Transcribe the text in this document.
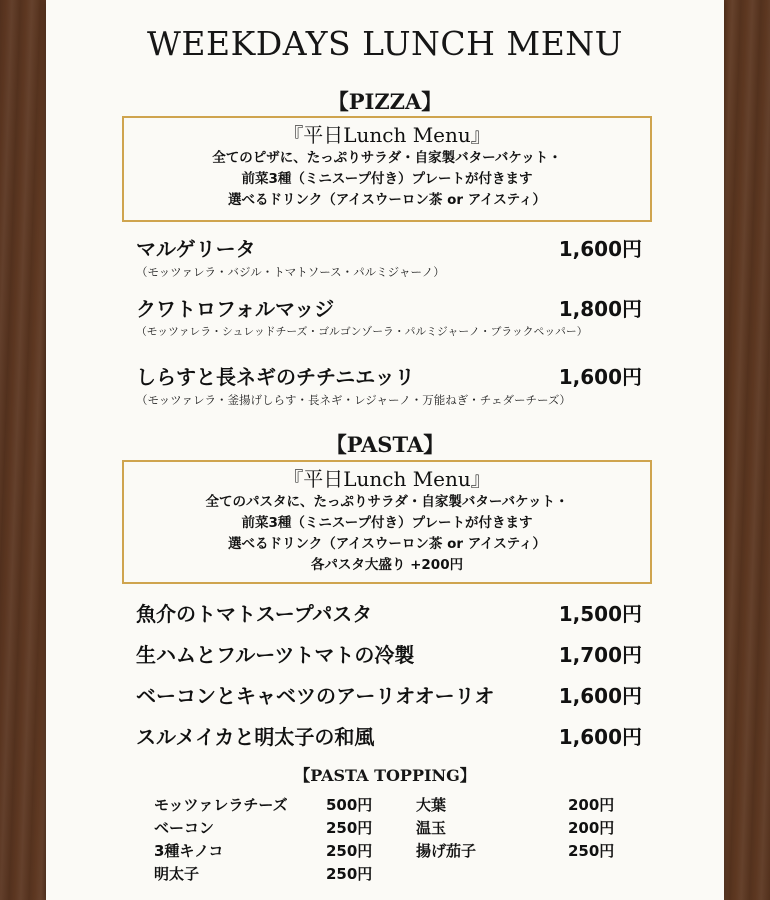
WEEKDAYS LUNCH MENU
【PIZZA】
『平日Lunch Menu』
全てのピザに、たっぷりサラダ・自家製バターバケット・
前菜3種（ミニスープ付き）プレートが付きます
選べるドリンク（アイスウーロン茶 or アイスティ）
マルゲリータ	1,600円
（モッツァレラ・バジル・トマトソース・パルミジャーノ）
クワトロフォルマッジ	1,800円
（モッツァレラ・シュレッドチーズ・ゴルゴンゾーラ・パルミジャーノ・ブラックペッパー）
しらすと長ネギのチチニエッリ	1,600円
（モッツァレラ・釜揚げしらす・長ネギ・レジャーノ・万能ねぎ・チェダーチーズ）
【PASTA】
『平日Lunch Menu』
全てのパスタに、たっぷりサラダ・自家製バターバケット・
前菜3種（ミニスープ付き）プレートが付きます
選べるドリンク（アイスウーロン茶 or アイスティ）
各パスタ大盛り +200円
魚介のトマトスープパスタ	1,500円
生ハムとフルーツトマトの冷製	1,700円
ベーコンとキャベツのアーリオオーリオ	1,600円
スルメイカと明太子の和風	1,600円
【PASTA TOPPING】
モッツァレラチーズ	500円
ベーコン	250円
3種キノコ	250円
明太子	250円
大葉	200円
温玉	200円
揚げ茄子	250円
